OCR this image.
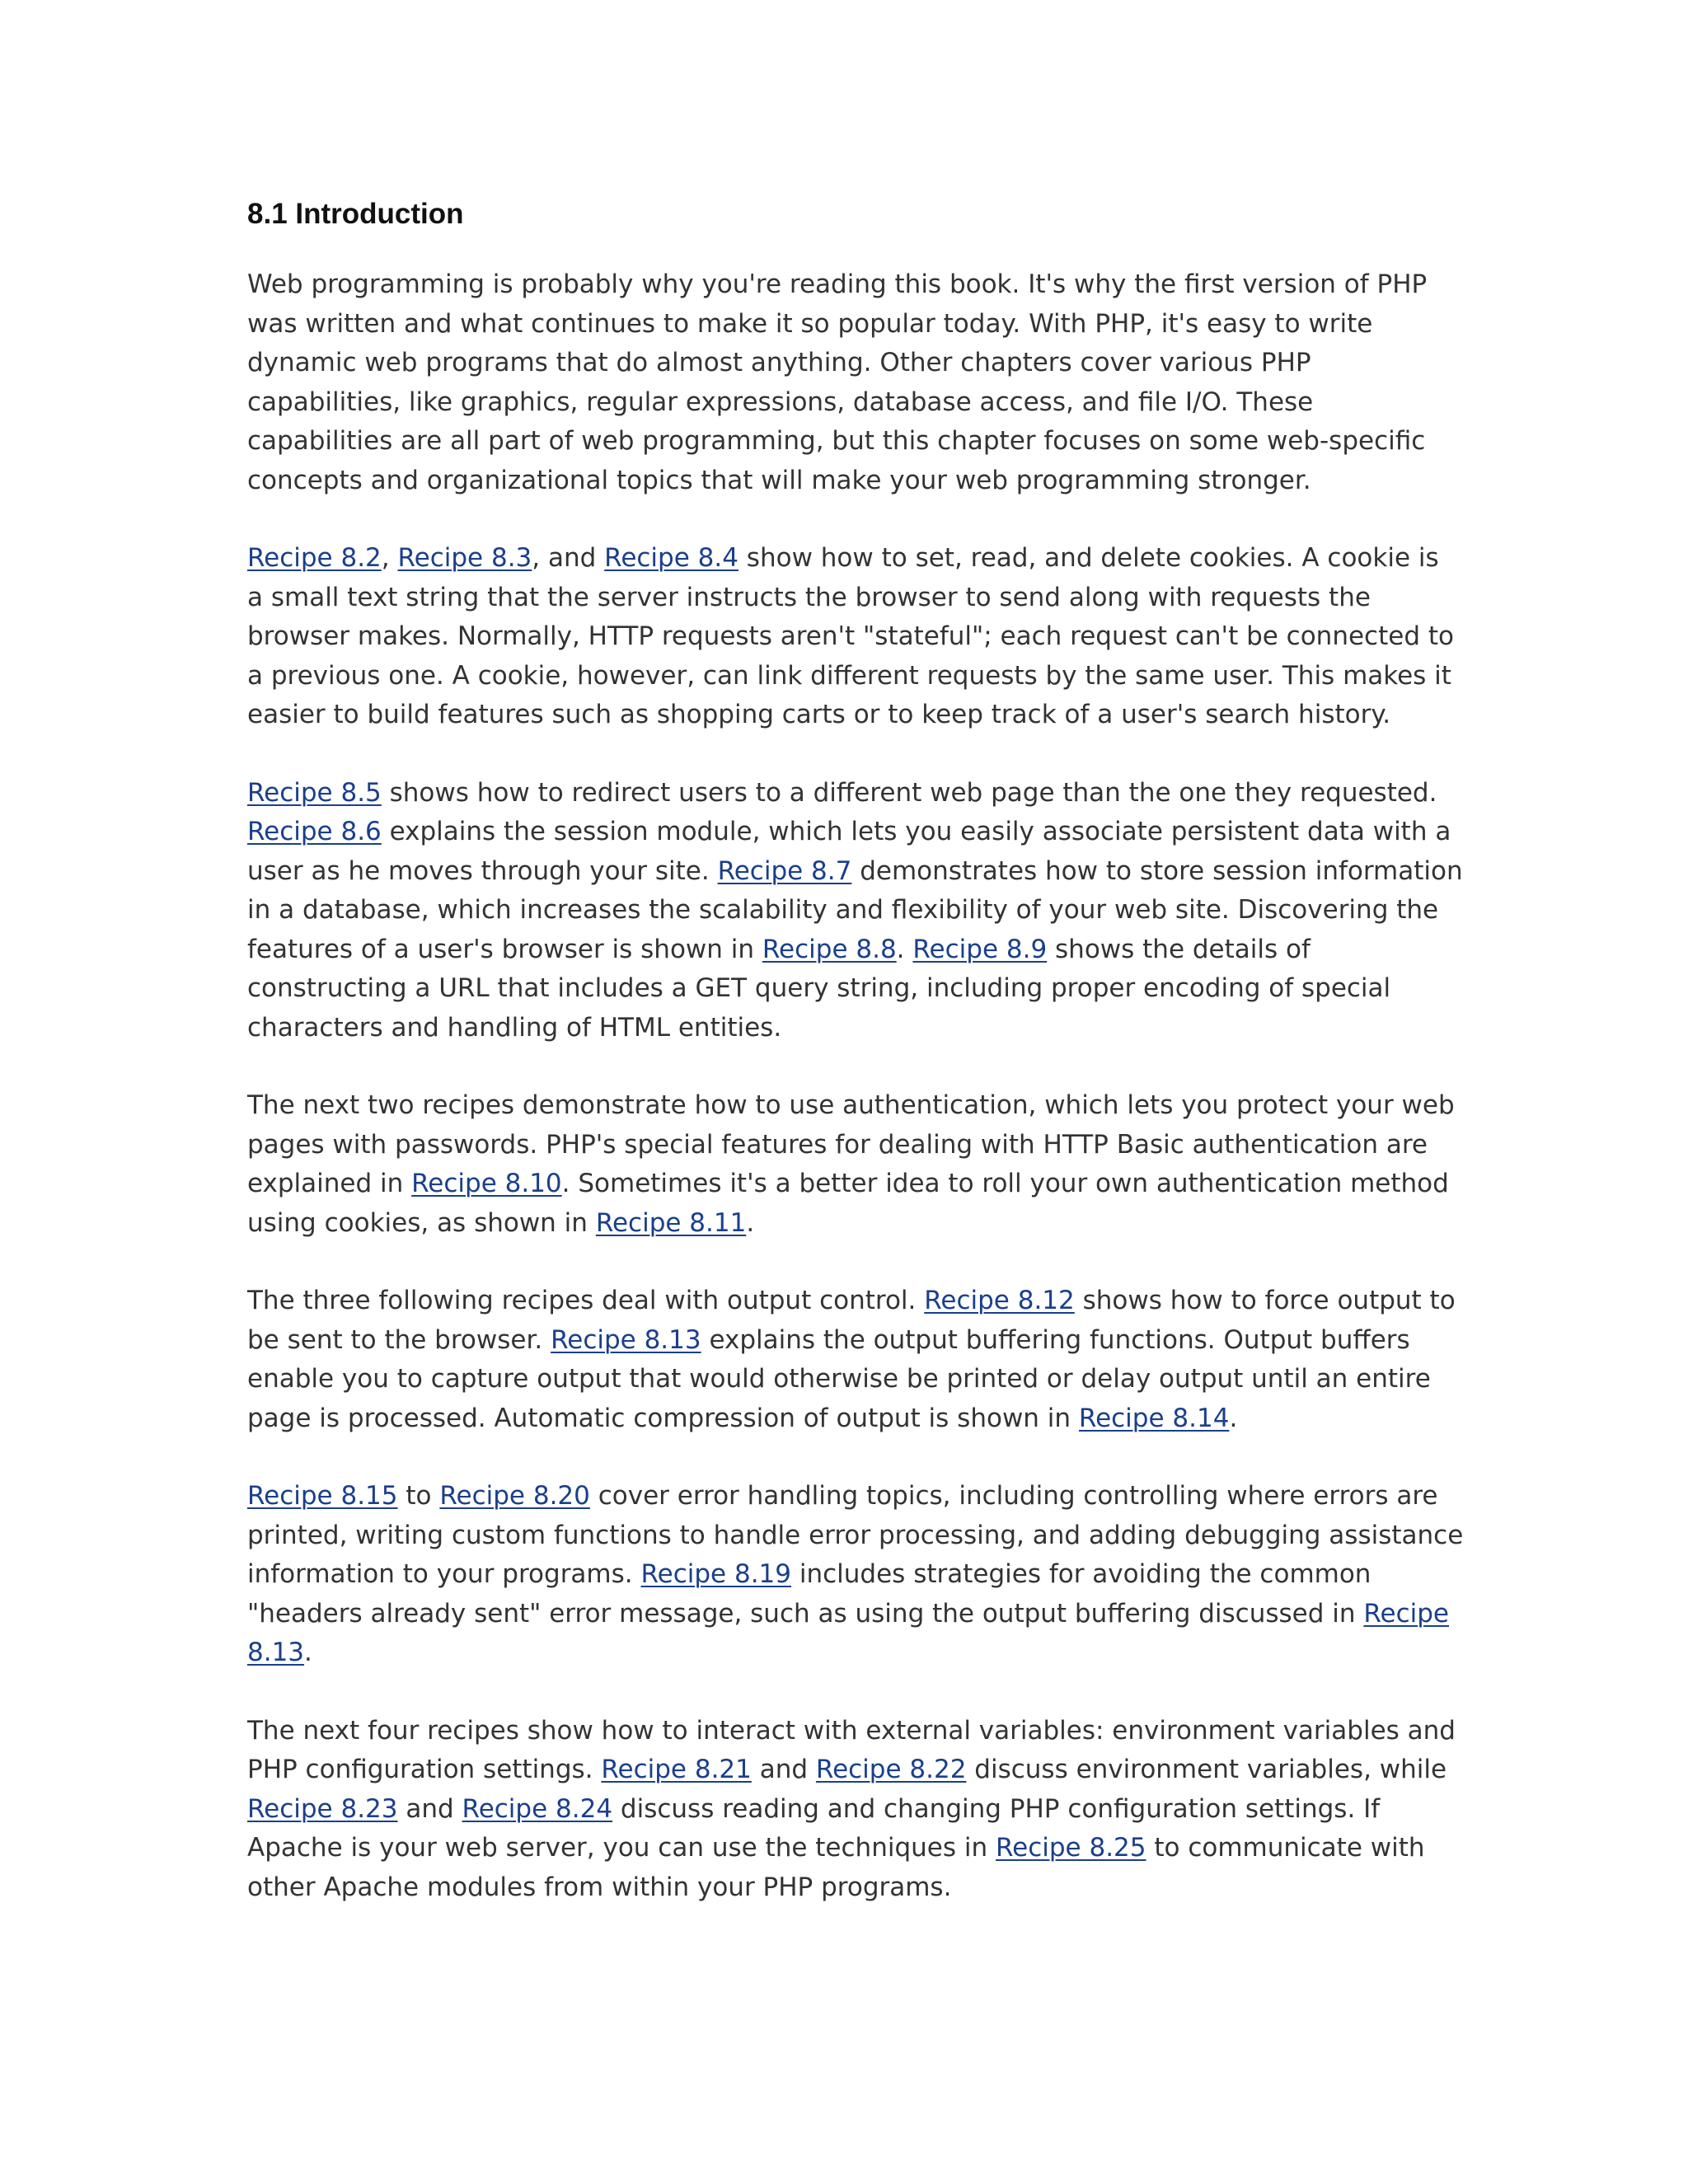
8.1 Introduction

Web programming is probably why you're reading this book. It's why the first version of PHP
was written and what continues to make it so popular today. With PHP, it's easy to write
dynamic web programs that do almost anything. Other chapters cover various PHP
capabilities, like graphics, regular expressions, database access, and file I/O. These
capabilities are all part of web programming, but this chapter focuses on some web-specific
concepts and organizational topics that will make your web programming stronger.

Recipe 8.2, Recipe 8.3, and Recipe 8.4 show how to set, read, and delete cookies. A cookie is
a small text string that the server instructs the browser to send along with requests the
browser makes. Normally, HTTP requests aren't "stateful"; each request can't be connected to
a previous one. A cookie, however, can link different requests by the same user. This makes it
easier to build features such as shopping carts or to keep track of a user's search history.

Recipe 8.5 shows how to redirect users to a different web page than the one they requested.
Recipe 8.6 explains the session module, which lets you easily associate persistent data with a
user as he moves through your site. Recipe 8.7 demonstrates how to store session information
in a database, which increases the scalability and flexibility of your web site. Discovering the
features of a user's browser is shown in Recipe 8.8. Recipe 8.9 shows the details of
constructing a URL that includes a GET query string, including proper encoding of special
characters and handling of HTML entities.

The next two recipes demonstrate how to use authentication, which lets you protect your web
pages with passwords. PHP's special features for dealing with HTTP Basic authentication are
explained in Recipe 8.10. Sometimes it's a better idea to roll your own authentication method
using cookies, as shown in Recipe 8.11.

The three following recipes deal with output control. Recipe 8.12 shows how to force output to
be sent to the browser. Recipe 8.13 explains the output buffering functions. Output buffers
enable you to capture output that would otherwise be printed or delay output until an entire
page is processed. Automatic compression of output is shown in Recipe 8.14.

Recipe 8.15 to Recipe 8.20 cover error handling topics, including controlling where errors are
printed, writing custom functions to handle error processing, and adding debugging assistance
information to your programs. Recipe 8.19 includes strategies for avoiding the common
"headers already sent" error message, such as using the output buffering discussed in Recipe
8.13.

The next four recipes show how to interact with external variables: environment variables and
PHP configuration settings. Recipe 8.21 and Recipe 8.22 discuss environment variables, while
Recipe 8.23 and Recipe 8.24 discuss reading and changing PHP configuration settings. If
Apache is your web server, you can use the techniques in Recipe 8.25 to communicate with
other Apache modules from within your PHP programs.
